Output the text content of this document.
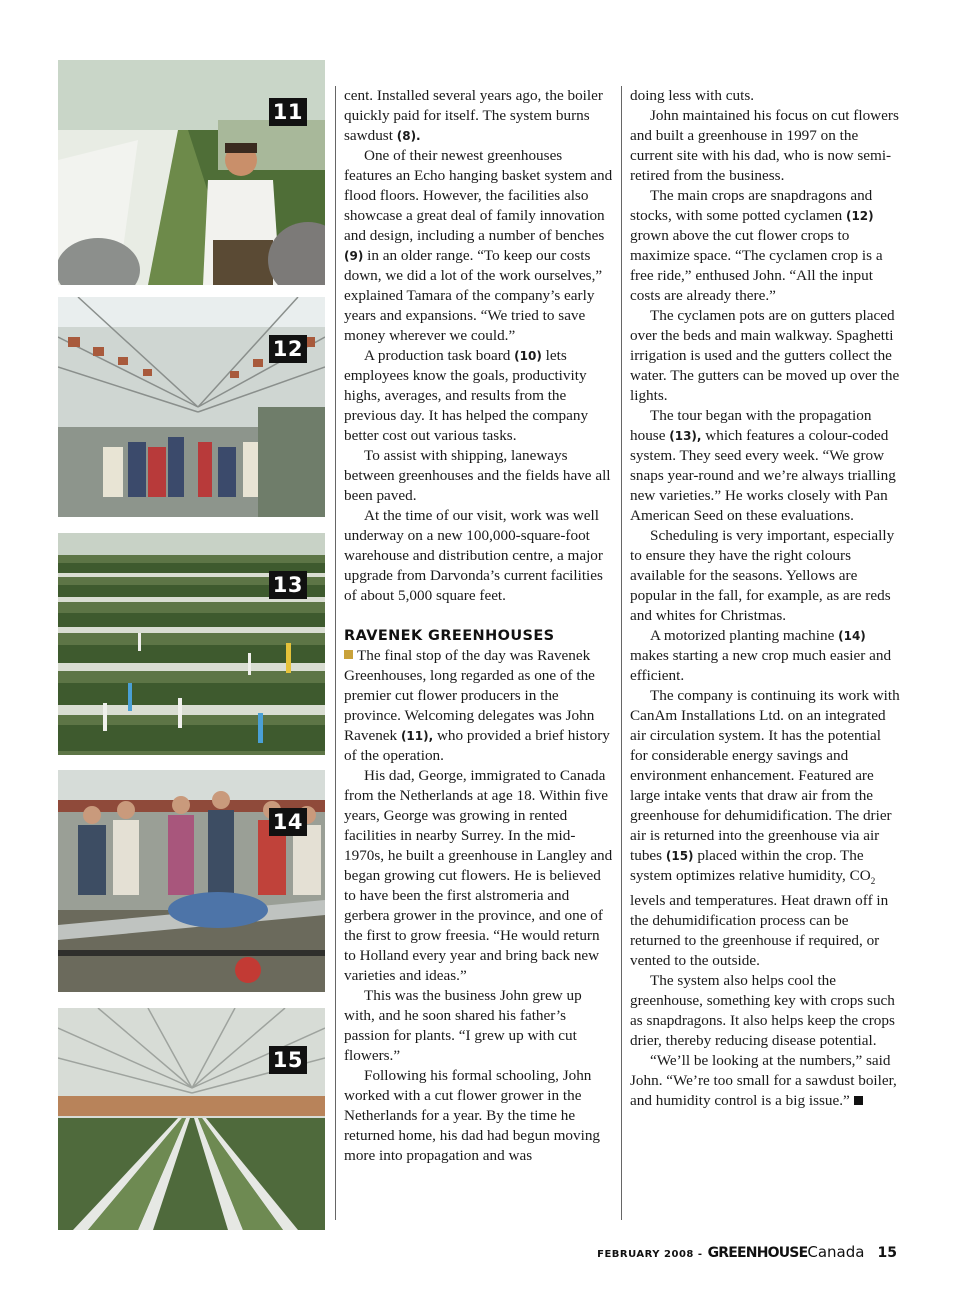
11
12
13
14
15

cent. Installed several years ago, the boiler quickly paid for itself. The system burns sawdust (8).

One of their newest greenhouses features an Echo hanging basket system and flood floors. However, the facilities also showcase a great deal of family innovation and design, including a number of benches (9) in an older range. “To keep our costs down, we did a lot of the work ourselves,” explained Tamara of the company’s early years and expansions. “We tried to save money wherever we could.”

A production task board (10) lets employees know the goals, productivity highs, averages, and results from the previous day. It has helped the company better cost out various tasks.

To assist with shipping, laneways between greenhouses and the fields have all been paved.

At the time of our visit, work was well underway on a new 100,000-square-foot warehouse and distribution centre, a major upgrade from Darvonda’s current facilities of about 5,000 square feet.

RAVENEK GREENHOUSES

The final stop of the day was Ravenek Greenhouses, long regarded as one of the premier cut flower producers in the province. Welcoming delegates was John Ravenek (11), who provided a brief history of the operation.

His dad, George, immigrated to Canada from the Netherlands at age 18. Within five years, George was growing in rented facilities in nearby Surrey. In the mid-1970s, he built a greenhouse in Langley and began growing cut flowers. He is believed to have been the first alstromeria and gerbera grower in the province, and one of the first to grow freesia. “He would return to Holland every year and bring back new varieties and ideas.”

This was the business John grew up with, and he soon shared his father’s passion for plants. “I grew up with cut flowers.”

Following his formal schooling, John worked with a cut flower grower in the Netherlands for a year. By the time he returned home, his dad had begun moving more into propagation and was

doing less with cuts.

John maintained his focus on cut flowers and built a greenhouse in 1997 on the current site with his dad, who is now semi-retired from the business.

The main crops are snapdragons and stocks, with some potted cyclamen (12) grown above the cut flower crops to maximize space. “The cyclamen crop is a free ride,” enthused John. “All the input costs are already there.”

The cyclamen pots are on gutters placed over the beds and main walkway. Spaghetti irrigation is used and the gutters collect the water. The gutters can be moved up over the lights.

The tour began with the propagation house (13), which features a colour-coded system. They seed every week. “We grow snaps year-round and we’re always trialling new varieties.” He works closely with Pan American Seed on these evaluations.

Scheduling is very important, especially to ensure they have the right colours available for the seasons. Yellows are popular in the fall, for example, as are reds and whites for Christmas.

A motorized planting machine (14) makes starting a new crop much easier and efficient.

The company is continuing its work with CanAm Installations Ltd. on an integrated air circulation system. It has the potential for considerable energy savings and environment enhancement. Featured are large intake vents that draw air from the greenhouse for dehumidification. The drier air is returned into the greenhouse via air tubes (15) placed within the crop. The system optimizes relative humidity, $CO_2$ levels and temperatures. Heat drawn off in the dehumidification process can be returned to the greenhouse if required, or vented to the outside.

The system also helps cool the greenhouse, something key with crops such as snapdragons. It also helps keep the crops drier, thereby reducing disease potential.

“We’ll be looking at the numbers,” said John. “We’re too small for a sawdust boiler, and humidity control is a big issue.”

FEBRUARY 2008 - GREENHOUSECanada 15
